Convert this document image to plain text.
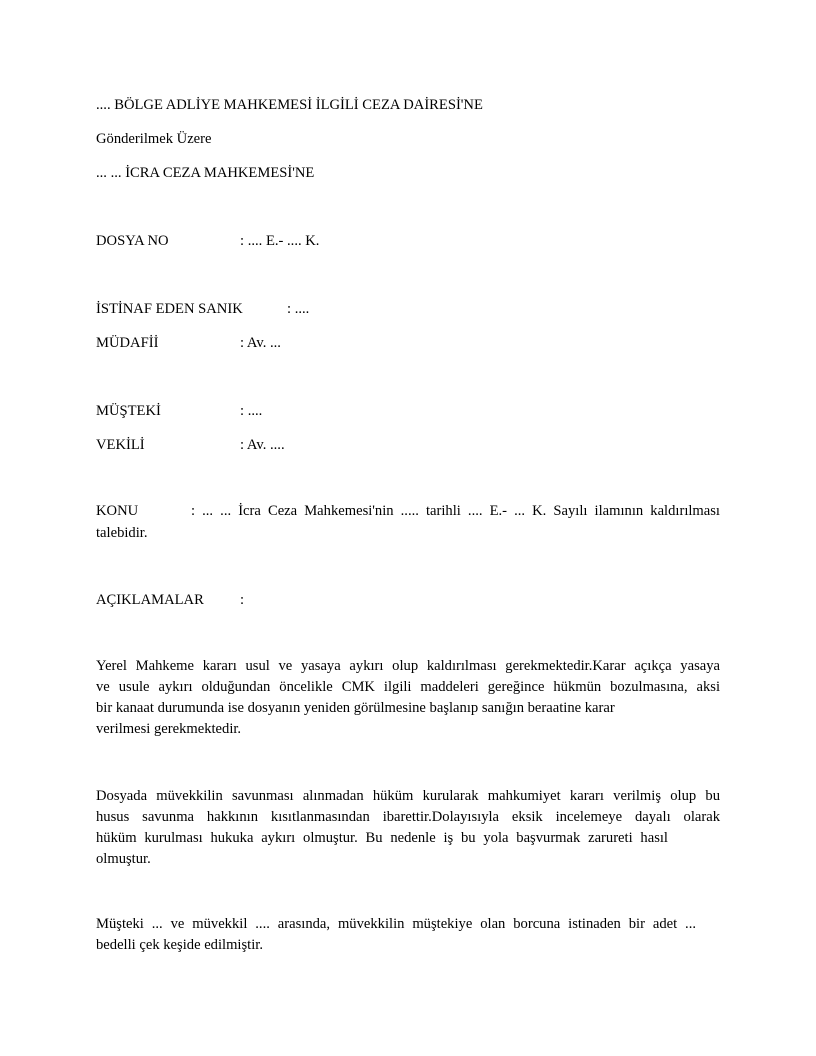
.... BÖLGE ADLİYE MAHKEMESİ İLGİLİ CEZA DAİRESİ'NE
Gönderilmek Üzere
... ... İCRA CEZA MAHKEMESİ'NE
DOSYA NO	: .... E.- .... K.
İSTİNAF EDEN SANIK	: ....
MÜDAFİİ	: Av. ...
MÜŞTEKİ	: ....
VEKİLİ	: Av. ....
KONU	: ... ... İcra Ceza Mahkemesi'nin ..... tarihli .... E.- ... K. Sayılı ilamının kaldırılması
talebidir.
AÇIKLAMALAR :
Yerel Mahkeme kararı usul ve yasaya aykırı olup kaldırılması gerekmektedir.Karar açıkça yasaya
ve usule aykırı olduğundan öncelikle CMK ilgili maddeleri gereğince hükmün bozulmasına, aksi
bir kanaat durumunda ise dosyanın yeniden görülmesine başlanıp sanığın beraatine karar
verilmesi gerekmektedir.
Dosyada müvekkilin savunması alınmadan hüküm kurularak mahkumiyet kararı verilmiş olup bu
husus savunma hakkının kısıtlanmasından ibarettir.Dolayısıyla eksik incelemeye dayalı olarak
hüküm kurulması hukuka aykırı olmuştur. Bu nedenle iş bu yola başvurmak zarureti hasıl
olmuştur.
Müşteki ... ve müvekkil .... arasında, müvekkilin müştekiye olan borcuna istinaden bir adet ...
bedelli çek keşide edilmiştir.
